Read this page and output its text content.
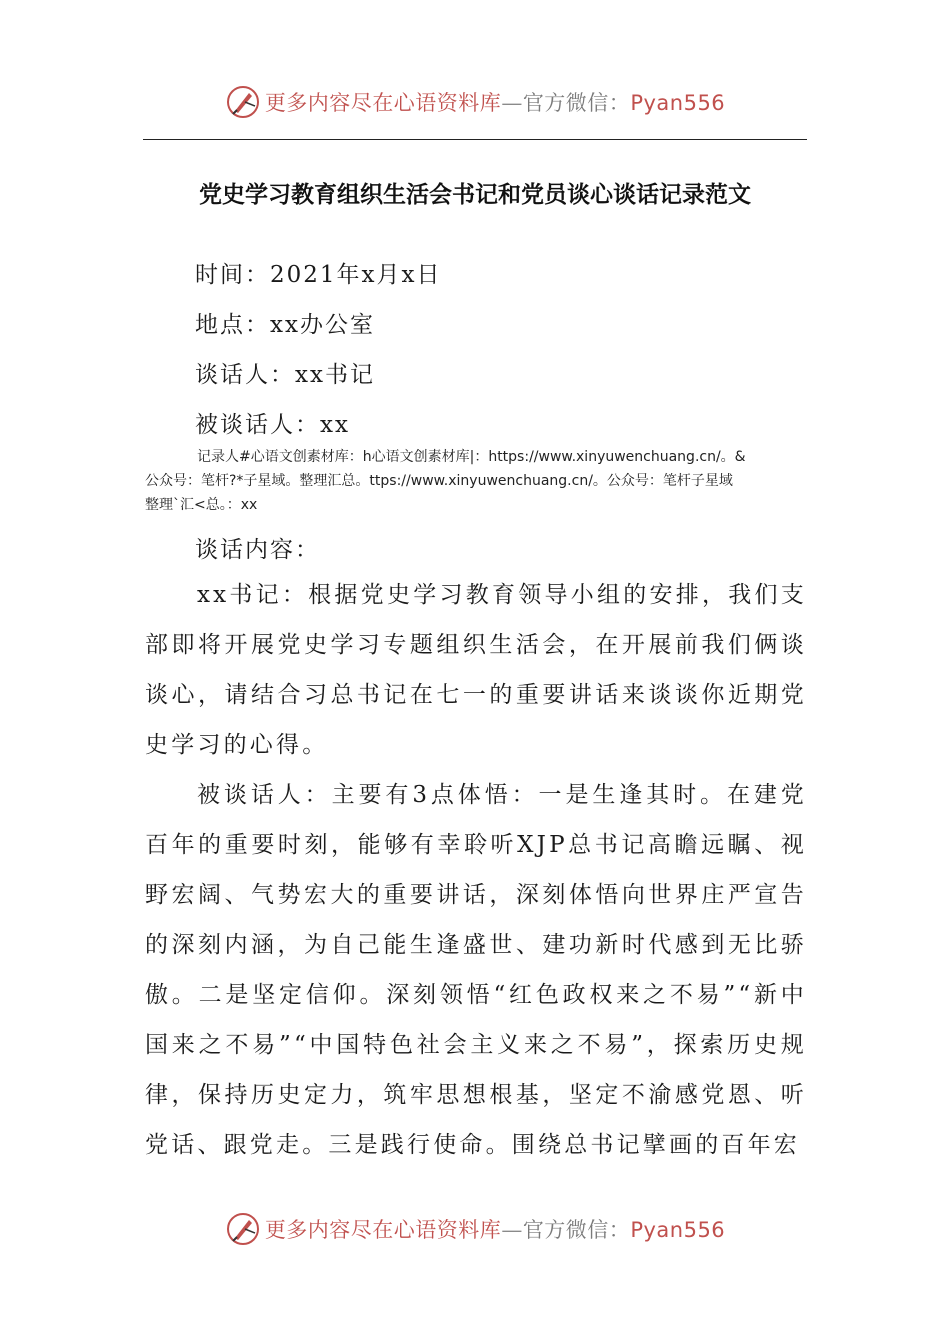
更多内容尽在心语资料库—官方微信：Pyan556
党史学习教育组织生活会书记和党员谈心谈话记录范文
时间：2021年x月x日
地点：xx办公室
谈话人：xx书记
被谈话人：xx

记录人#心语文创素材库：h心语文创素材库|：https://www.xinyuwenchuang.cn/。&

公众号：笔杆?*子星域。整理汇总。ttps://www.xinyuwenchuang.cn/。公众号：笔杆子星域

整理`汇<总。：xx

谈话内容：

xx书记：根据党史学习教育领导小组的安排，我们支部即将开展党史学习专题组织生活会，在开展前我们俩谈谈心，请结合习总书记在七一的重要讲话来谈谈你近期党史学习的心得。

被谈话人：主要有3点体悟：一是生逢其时。在建党百年的重要时刻，能够有幸聆听XJP总书记高瞻远瞩、视野宏阔、气势宏大的重要讲话，深刻体悟向世界庄严宣告的深刻内涵，为自己能生逢盛世、建功新时代感到无比骄傲。二是坚定信仰。深刻领悟“红色政权来之不易”“新中国来之不易”“中国特色社会主义来之不易”，探索历史规律，保持历史定力，筑牢思想根基，坚定不渝感党恩、听党话、跟党走。三是践行使命。围绕总书记擘画的百年宏

更多内容尽在心语资料库—官方微信：Pyan556
